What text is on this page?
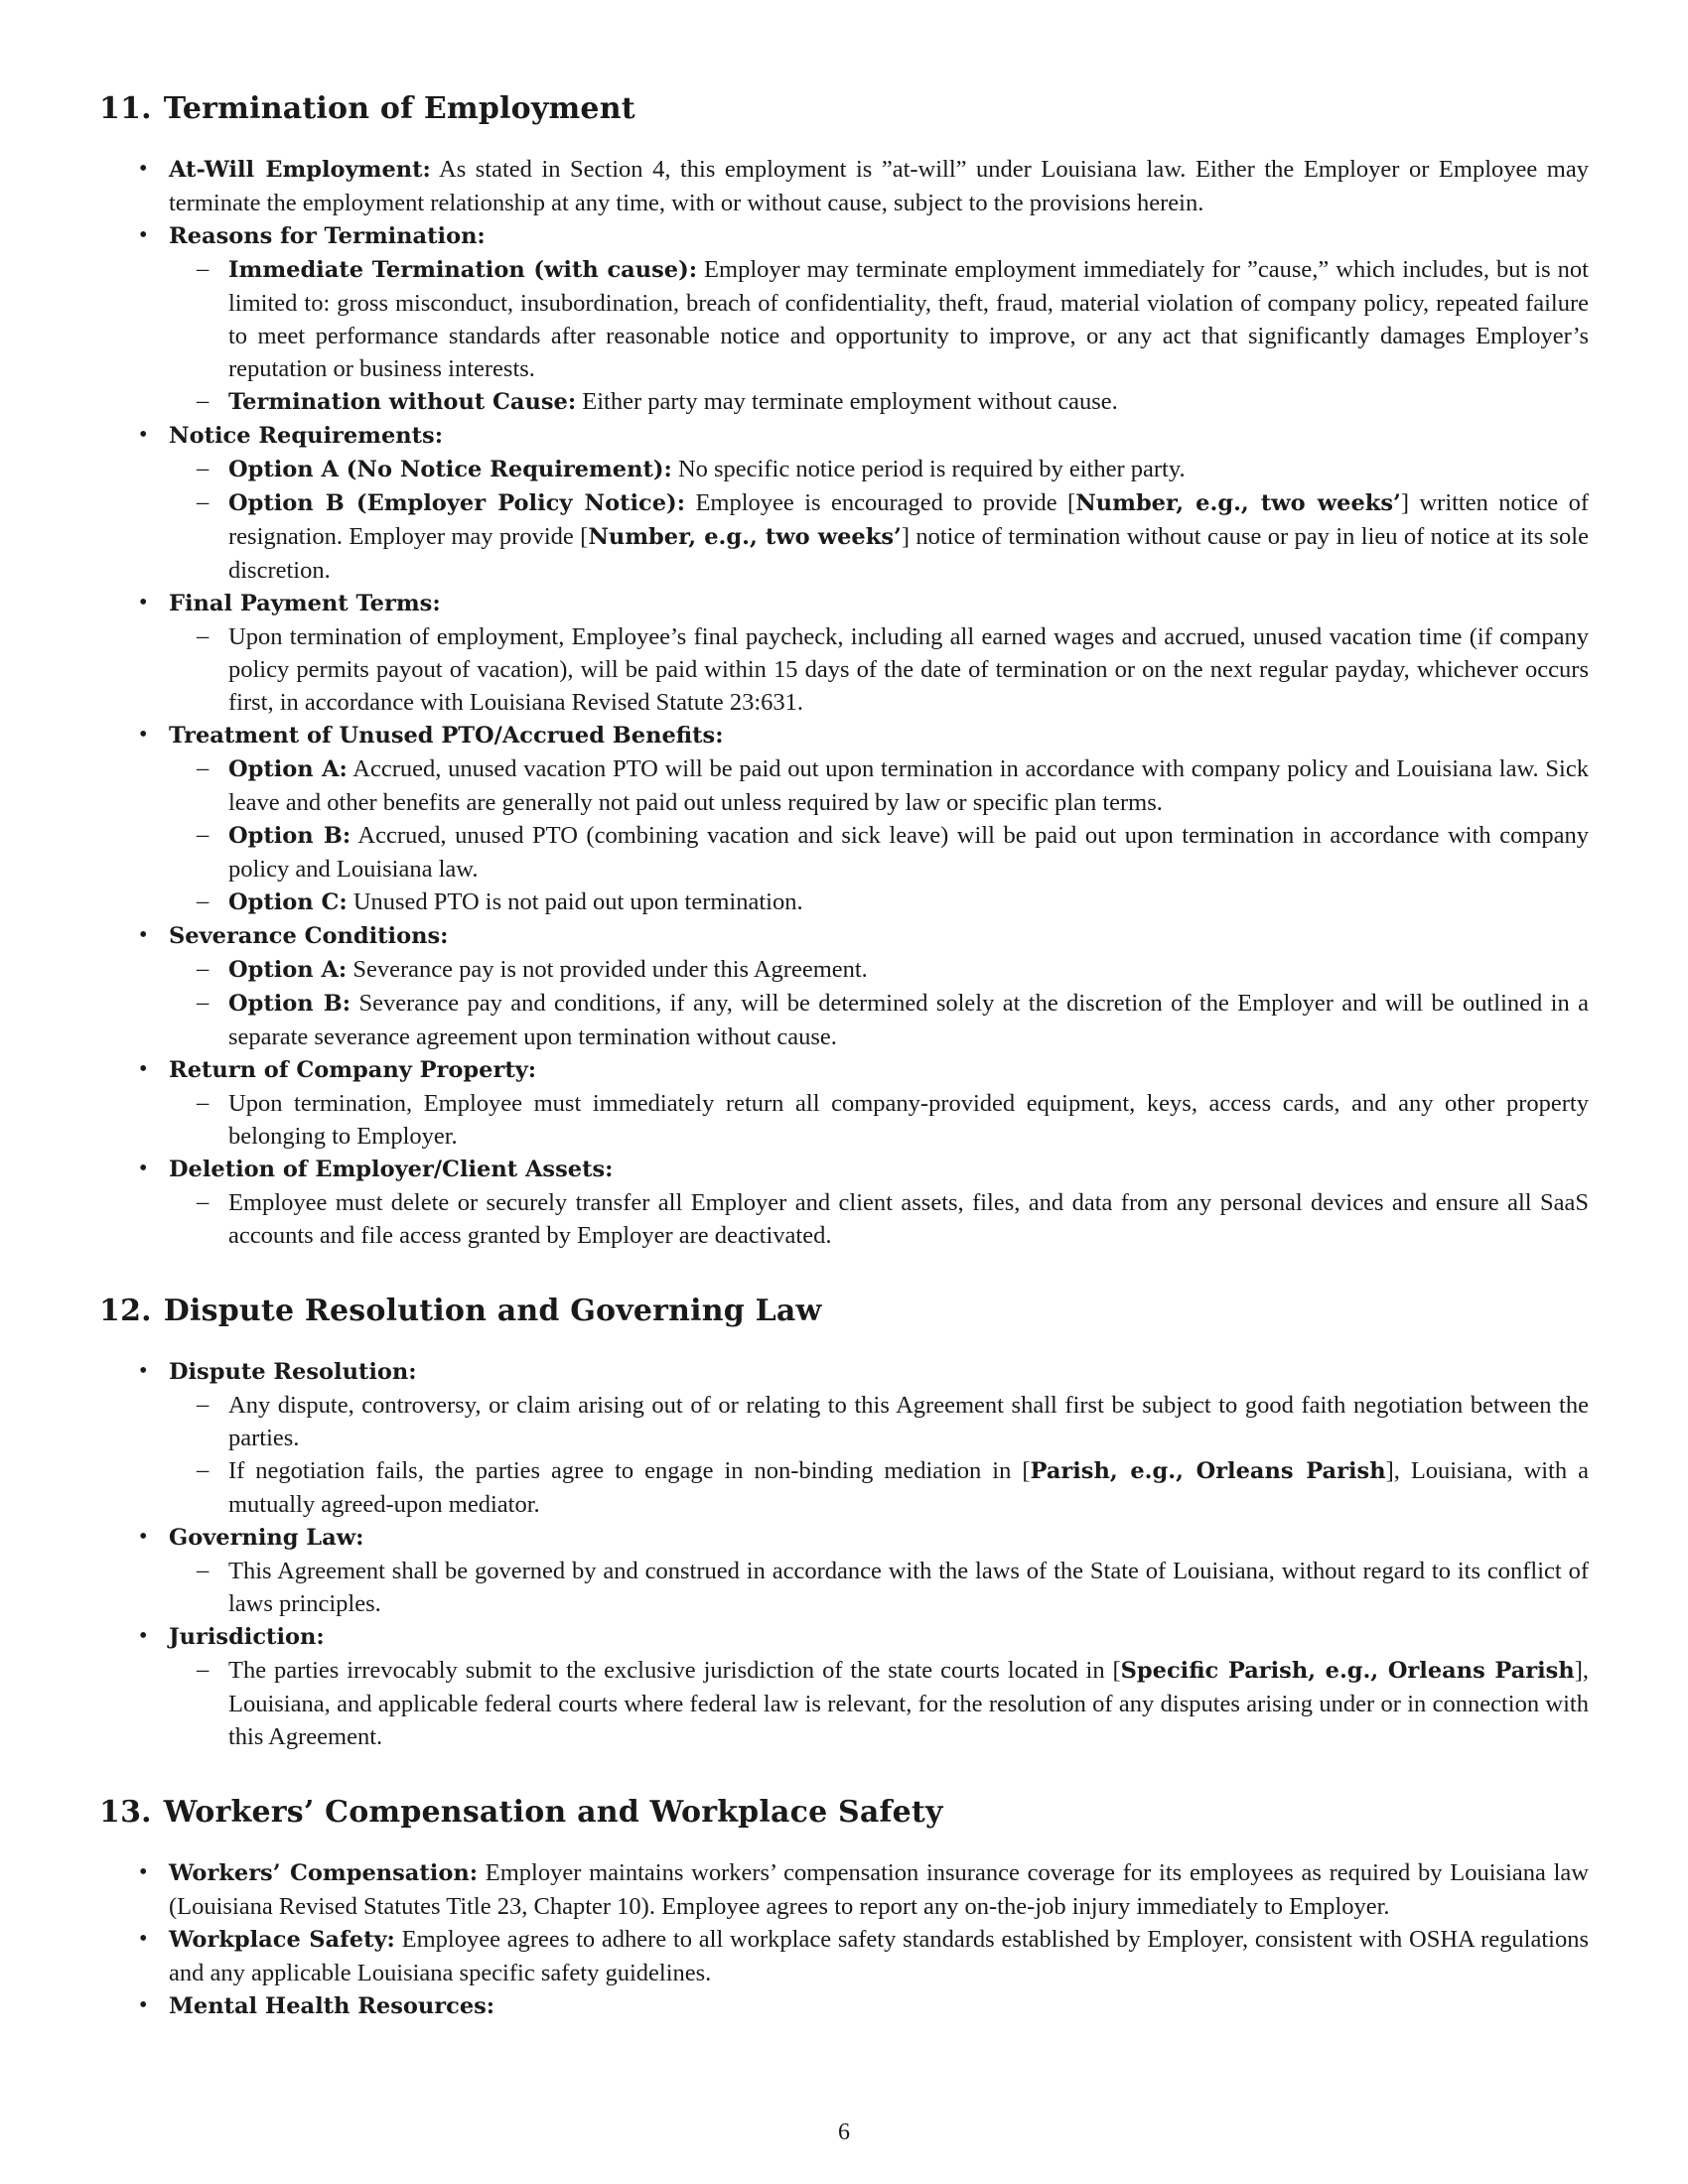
11. Termination of Employment
• At-Will Employment: As stated in Section 4, this employment is ”at-will” under Louisiana law. Either the Employer or Employee may terminate the employment relationship at any time, with or without cause, subject to the provisions herein.
• Reasons for Termination:
– Immediate Termination (with cause): Employer may terminate employment immediately for ”cause,” which includes, but is not limited to: gross misconduct, insubordination, breach of confidentiality, theft, fraud, material violation of company policy, repeated failure to meet performance standards after reasonable notice and opportunity to improve, or any act that significantly damages Employer’s reputation or business interests.
– Termination without Cause: Either party may terminate employment without cause.
• Notice Requirements:
– Option A (No Notice Requirement): No specific notice period is required by either party.
– Option B (Employer Policy Notice): Employee is encouraged to provide [Number, e.g., two weeks’] written notice of resignation. Employer may provide [Number, e.g., two weeks’] notice of termination without cause or pay in lieu of notice at its sole discretion.
• Final Payment Terms:
– Upon termination of employment, Employee’s final paycheck, including all earned wages and accrued, unused vacation time (if company policy permits payout of vacation), will be paid within 15 days of the date of termination or on the next regular payday, whichever occurs first, in accordance with Louisiana Revised Statute 23:631.
• Treatment of Unused PTO/Accrued Benefits:
– Option A: Accrued, unused vacation PTO will be paid out upon termination in accordance with company policy and Louisiana law. Sick leave and other benefits are generally not paid out unless required by law or specific plan terms.
– Option B: Accrued, unused PTO (combining vacation and sick leave) will be paid out upon termination in accordance with company policy and Louisiana law.
– Option C: Unused PTO is not paid out upon termination.
• Severance Conditions:
– Option A: Severance pay is not provided under this Agreement.
– Option B: Severance pay and conditions, if any, will be determined solely at the discretion of the Employer and will be outlined in a separate severance agreement upon termination without cause.
• Return of Company Property:
– Upon termination, Employee must immediately return all company-provided equipment, keys, access cards, and any other property belonging to Employer.
• Deletion of Employer/Client Assets:
– Employee must delete or securely transfer all Employer and client assets, files, and data from any personal devices and ensure all SaaS accounts and file access granted by Employer are deactivated.
12. Dispute Resolution and Governing Law
• Dispute Resolution:
– Any dispute, controversy, or claim arising out of or relating to this Agreement shall first be subject to good faith negotiation between the parties.
– If negotiation fails, the parties agree to engage in non-binding mediation in [Parish, e.g., Orleans Parish], Louisiana, with a mutually agreed-upon mediator.
• Governing Law:
– This Agreement shall be governed by and construed in accordance with the laws of the State of Louisiana, without regard to its conflict of laws principles.
• Jurisdiction:
– The parties irrevocably submit to the exclusive jurisdiction of the state courts located in [Specific Parish, e.g., Orleans Parish], Louisiana, and applicable federal courts where federal law is relevant, for the resolution of any disputes arising under or in connection with this Agreement.
13. Workers’ Compensation and Workplace Safety
• Workers’ Compensation: Employer maintains workers’ compensation insurance coverage for its employees as required by Louisiana law (Louisiana Revised Statutes Title 23, Chapter 10). Employee agrees to report any on-the-job injury immediately to Employer.
• Workplace Safety: Employee agrees to adhere to all workplace safety standards established by Employer, consistent with OSHA regulations and any applicable Louisiana specific safety guidelines.
• Mental Health Resources:
6
